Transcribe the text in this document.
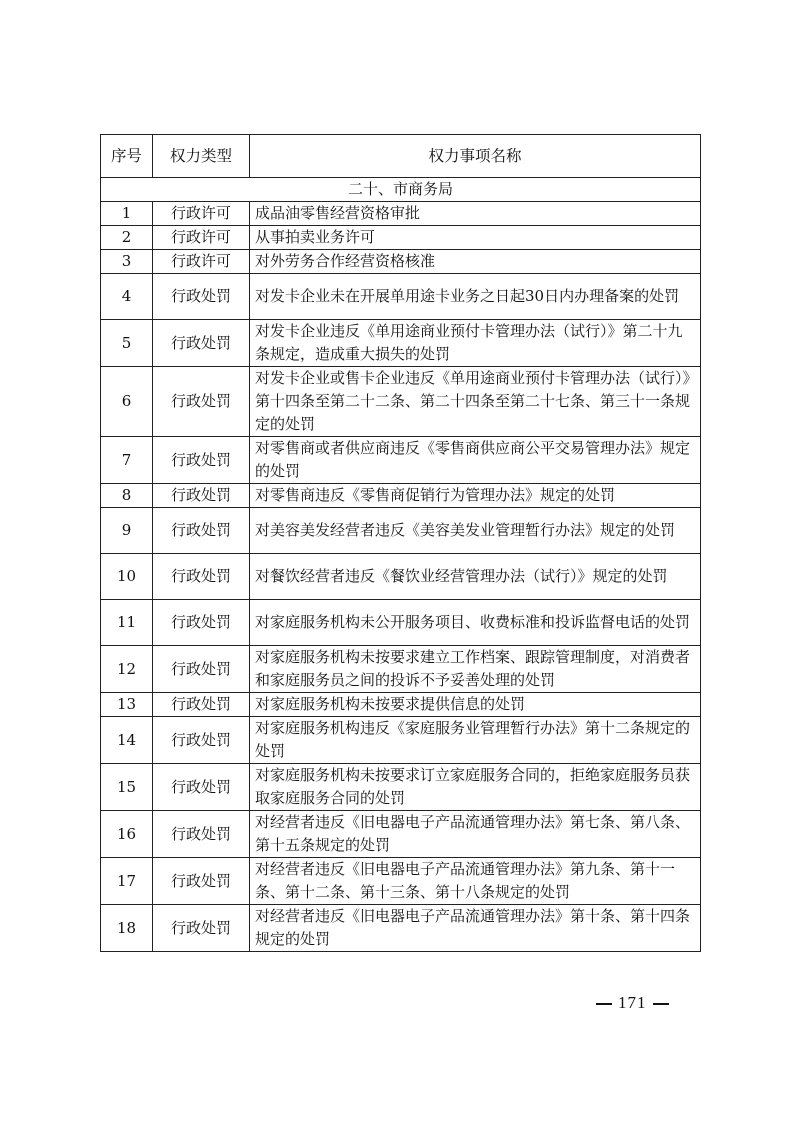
序号	权力类型	权力事项名称
二十、市商务局		

1	行政许可	成品油零售经营资格审批

2	行政许可	从事拍卖业务许可

3	行政许可	对外劳务合作经营资格核准

4	行政处罚	对发卡企业未在开展单用途卡业务之日起30日内办理备案的处罚

5	行政处罚	对发卡企业违反《单用途商业预付卡管理办法（试行）》第二十九条规定，造成重大损失的处罚

6	行政处罚	对发卡企业或售卡企业违反《单用途商业预付卡管理办法（试行）》第十四条至第二十二条、第二十四条至第二十七条、第三十一条规定的处罚

7	行政处罚	对零售商或者供应商违反《零售商供应商公平交易管理办法》规定的处罚

8	行政处罚	对零售商违反《零售商促销行为管理办法》规定的处罚

9	行政处罚	对美容美发经营者违反《美容美发业管理暂行办法》规定的处罚

10	行政处罚	对餐饮经营者违反《餐饮业经营管理办法（试行）》规定的处罚

11	行政处罚	对家庭服务机构未公开服务项目、收费标准和投诉监督电话的处罚

12	行政处罚	对家庭服务机构未按要求建立工作档案、跟踪管理制度，对消费者和家庭服务员之间的投诉不予妥善处理的处罚

13	行政处罚	对家庭服务机构未按要求提供信息的处罚

14	行政处罚	对家庭服务机构违反《家庭服务业管理暂行办法》第十二条规定的处罚

15	行政处罚	对家庭服务机构未按要求订立家庭服务合同的，拒绝家庭服务员获取家庭服务合同的处罚

16	行政处罚	对经营者违反《旧电器电子产品流通管理办法》第七条、第八条、第十五条规定的处罚

17	行政处罚	对经营者违反《旧电器电子产品流通管理办法》第九条、第十一条、第十二条、第十三条、第十八条规定的处罚

18	行政处罚	对经营者违反《旧电器电子产品流通管理办法》第十条、第十四条规定的处罚
171
